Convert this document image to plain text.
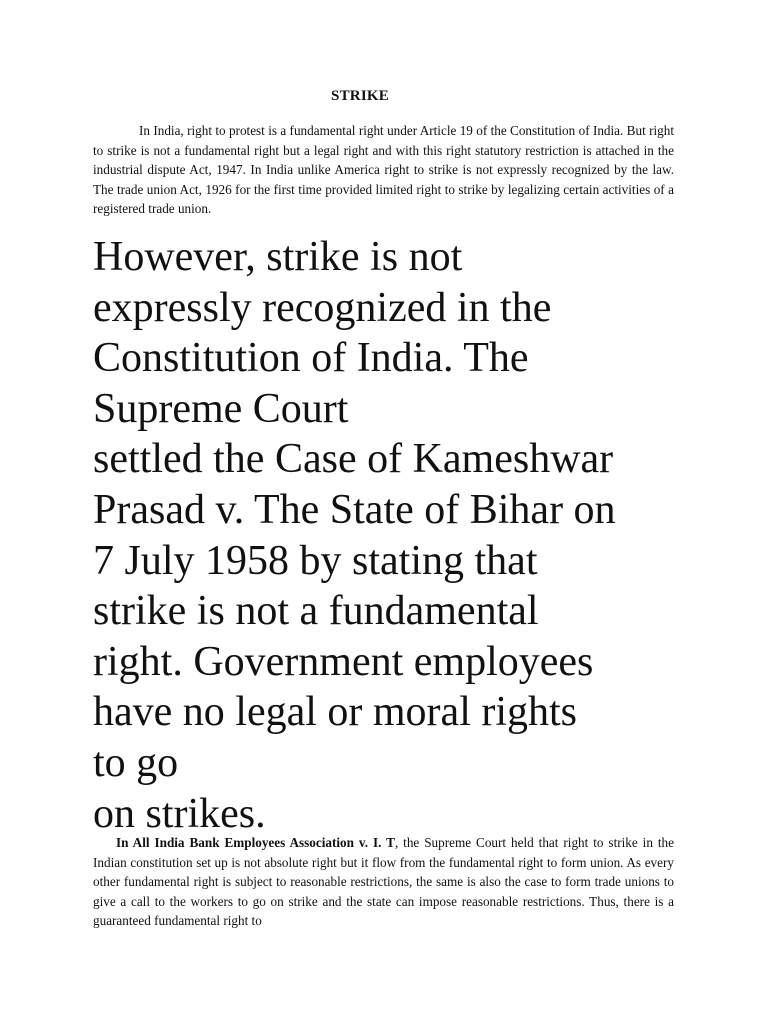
STRIKE
In India, right to protest is a fundamental right under Article 19 of the Constitution of India. But right to strike is not a fundamental right but a legal right and with this right statutory restriction is attached in the industrial dispute Act, 1947. In India unlike America right to strike is not expressly recognized by the law. The trade union Act, 1926 for the first time provided limited right to strike by legalizing certain activities of a registered trade union.
However, strike is not
expressly recognized in the
Constitution of India. The
Supreme Court
settled the Case of Kameshwar
Prasad v. The State of Bihar on
7 July 1958 by stating that
strike is not a fundamental
right. Government employees
have no legal or moral rights
to go
on strikes.
In All India Bank Employees Association v. I. T, the Supreme Court held that right to strike in the Indian constitution set up is not absolute right but it flow from the fundamental right to form union. As every other fundamental right is subject to reasonable restrictions, the same is also the case to form trade unions to give a call to the workers to go on strike and the state can impose reasonable restrictions. Thus, there is a guaranteed fundamental right to
